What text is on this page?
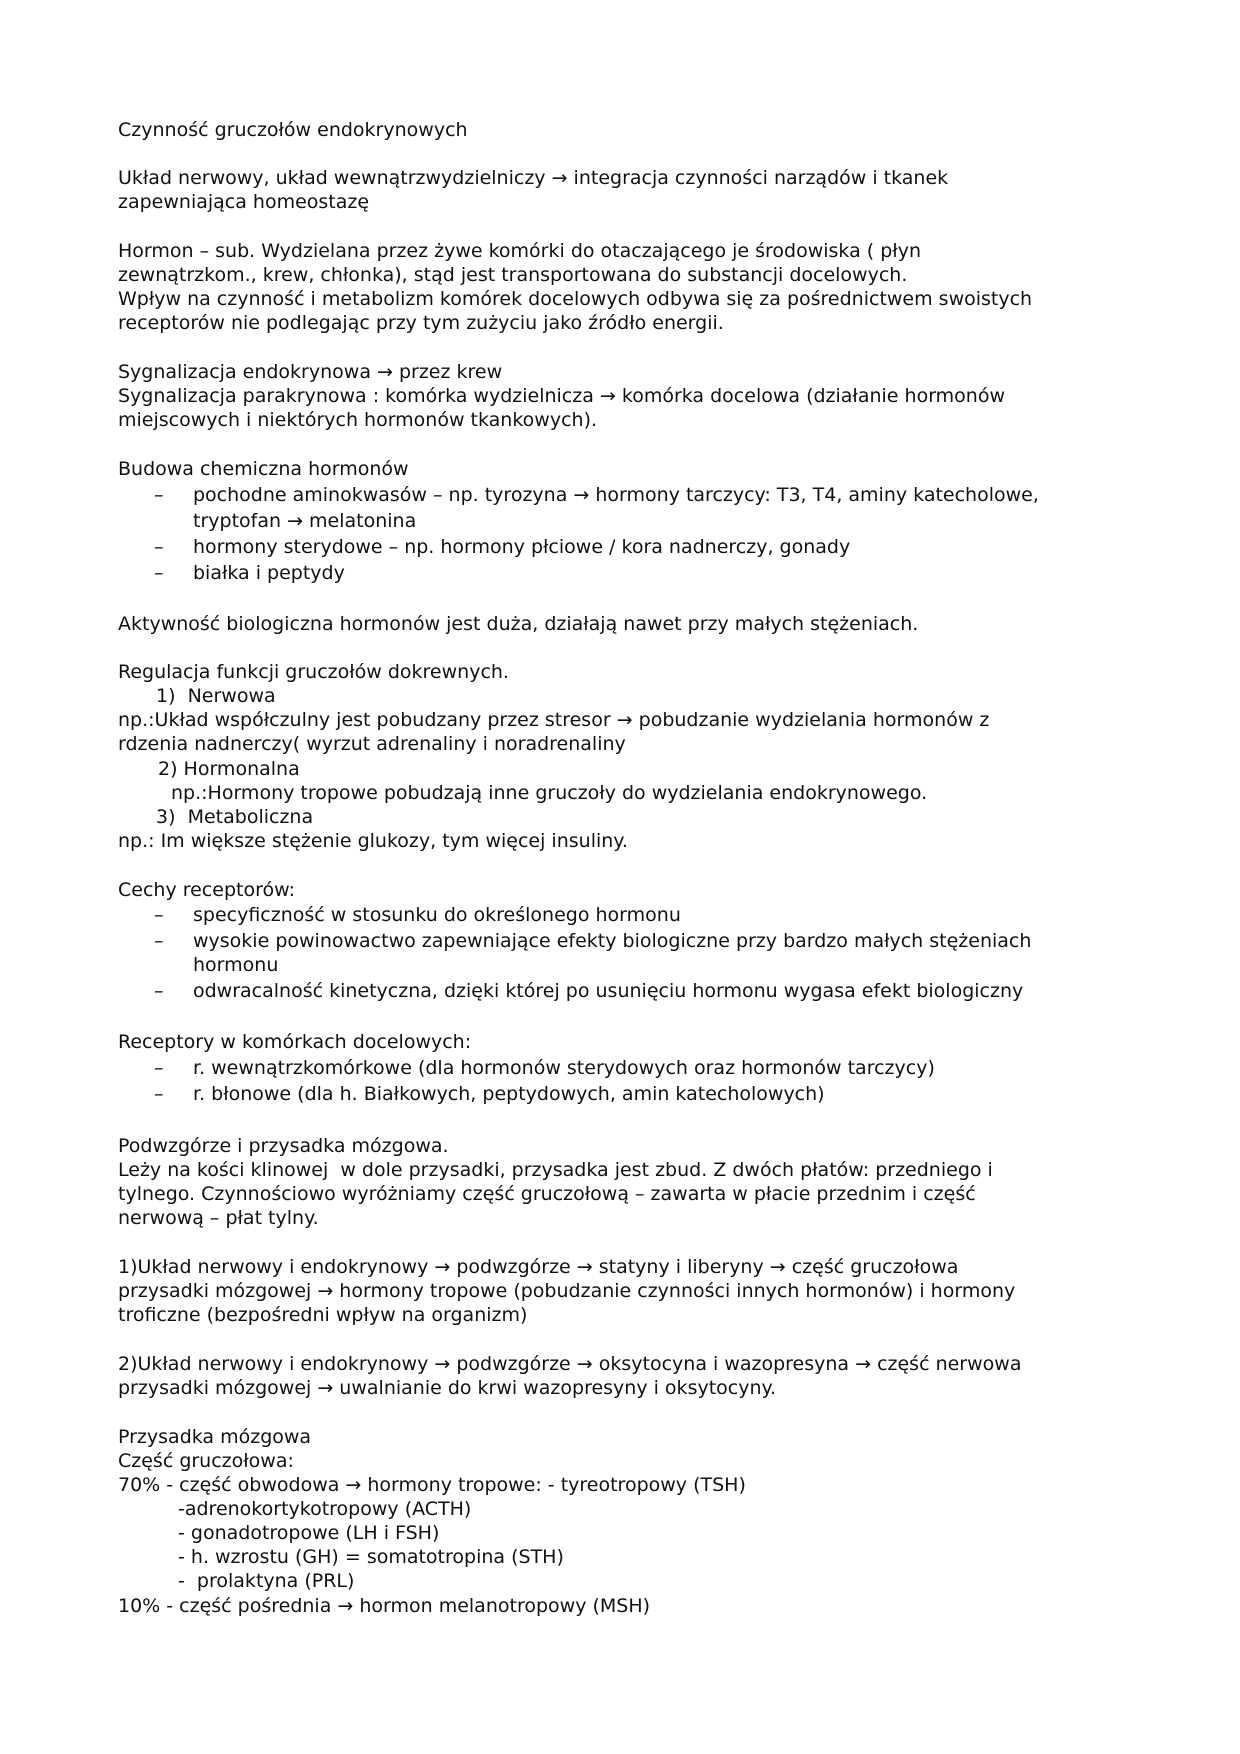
Czynność gruczołów endokrynowych
Układ nerwowy, układ wewnątrzwydzielniczy → integracja czynności narządów i tkanek
zapewniająca homeostazę
Hormon – sub. Wydzielana przez żywe komórki do otaczającego je środowiska ( płyn
zewnątrzkom., krew, chłonka), stąd jest transportowana do substancji docelowych.
Wpływ na czynność i metabolizm komórek docelowych odbywa się za pośrednictwem swoistych
receptorów nie podlegając przy tym zużyciu jako źródło energii.
Sygnalizacja endokrynowa → przez krew
Sygnalizacja parakrynowa : komórka wydzielnicza → komórka docelowa (działanie hormonów
miejscowych i niektórych hormonów tkankowych).
Budowa chemiczna hormonów
– pochodne aminokwasów – np. tyrozyna → hormony tarczycy: T3, T4, aminy katecholowe,
tryptofan → melatonina
– hormony sterydowe – np. hormony płciowe / kora nadnerczy, gonady
– białka i peptydy
Aktywność biologiczna hormonów jest duża, działają nawet przy małych stężeniach.
Regulacja funkcji gruczołów dokrewnych.
1)  Nerwowa
np.:Układ współczulny jest pobudzany przez stresor → pobudzanie wydzielania hormonów z
rdzenia nadnerczy( wyrzut adrenaliny i noradrenaliny
2) Hormonalna
np.:Hormony tropowe pobudzają inne gruczoły do wydzielania endokrynowego.
3)  Metaboliczna
np.: Im większe stężenie glukozy, tym więcej insuliny.
Cechy receptorów:
– specyficzność w stosunku do określonego hormonu
– wysokie powinowactwo zapewniające efekty biologiczne przy bardzo małych stężeniach
hormonu
– odwracalność kinetyczna, dzięki której po usunięciu hormonu wygasa efekt biologiczny
Receptory w komórkach docelowych:
– r. wewnątrzkomórkowe (dla hormonów sterydowych oraz hormonów tarczycy)
– r. błonowe (dla h. Białkowych, peptydowych, amin katecholowych)
Podwzgórze i przysadka mózgowa.
Leży na kości klinowej  w dole przysadki, przysadka jest zbud. Z dwóch płatów: przedniego i
tylnego. Czynnościowo wyróżniamy część gruczołową – zawarta w płacie przednim i część
nerwową – płat tylny.
1)Układ nerwowy i endokrynowy → podwzgórze → statyny i liberyny → część gruczołowa
przysadki mózgowej → hormony tropowe (pobudzanie czynności innych hormonów) i hormony
troficzne (bezpośredni wpływ na organizm)
2)Układ nerwowy i endokrynowy → podwzgórze → oksytocyna i wazopresyna → część nerwowa
przysadki mózgowej → uwalnianie do krwi wazopresyny i oksytocyny.
Przysadka mózgowa
Część gruczołowa:
70% - część obwodowa → hormony tropowe: - tyreotropowy (TSH)
-adrenokortykotropowy (ACTH)
- gonadotropowe (LH i FSH)
- h. wzrostu (GH) = somatotropina (STH)
-  prolaktyna (PRL)
10% - część pośrednia → hormon melanotropowy (MSH)
